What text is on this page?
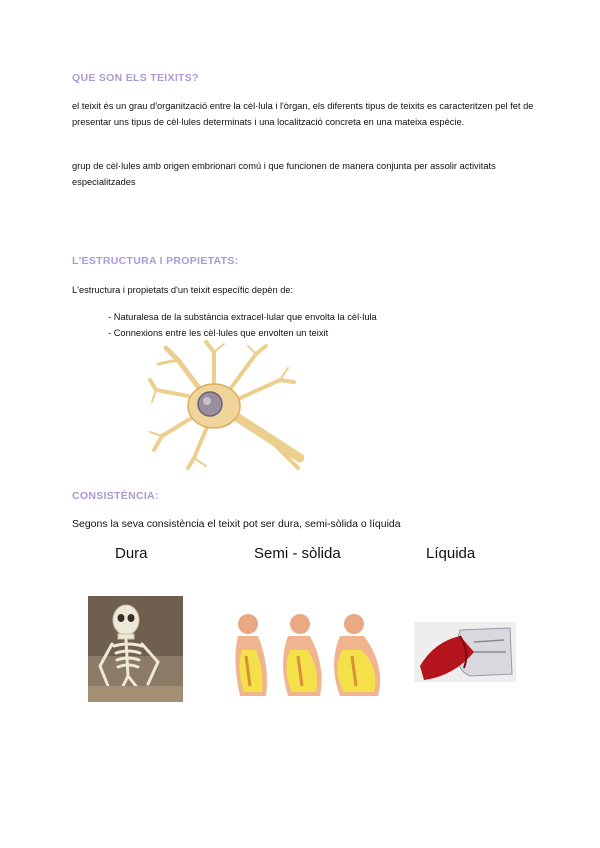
QUE SON ELS TEIXITS?
el teixit és un grau d'organització entre la cèl·lula i l'òrgan, els diferents tipus de teixits es caracteritzen pel fet de presentar uns tipus de cèl·lules determinats i una localització concreta en una mateixa espècie.
grup de cèl·lules amb origen embrionari comú i que funcionen de manera conjunta per assolir activitats especialitzades
L'ESTRUCTURA I PROPIETATS:
L'estructura i propietats d'un teixit específic depèn de:
- Naturalesa de la substància extracel·lular que envolta la cèl·lula
- Connexions entre les cèl·lules que envolten un teixit
CONSISTÈNCIA:
Segons la seva consistència el teixit pot ser dura, semi-sòlida o líquida
Dura	Semi - sòlida	Líquida
